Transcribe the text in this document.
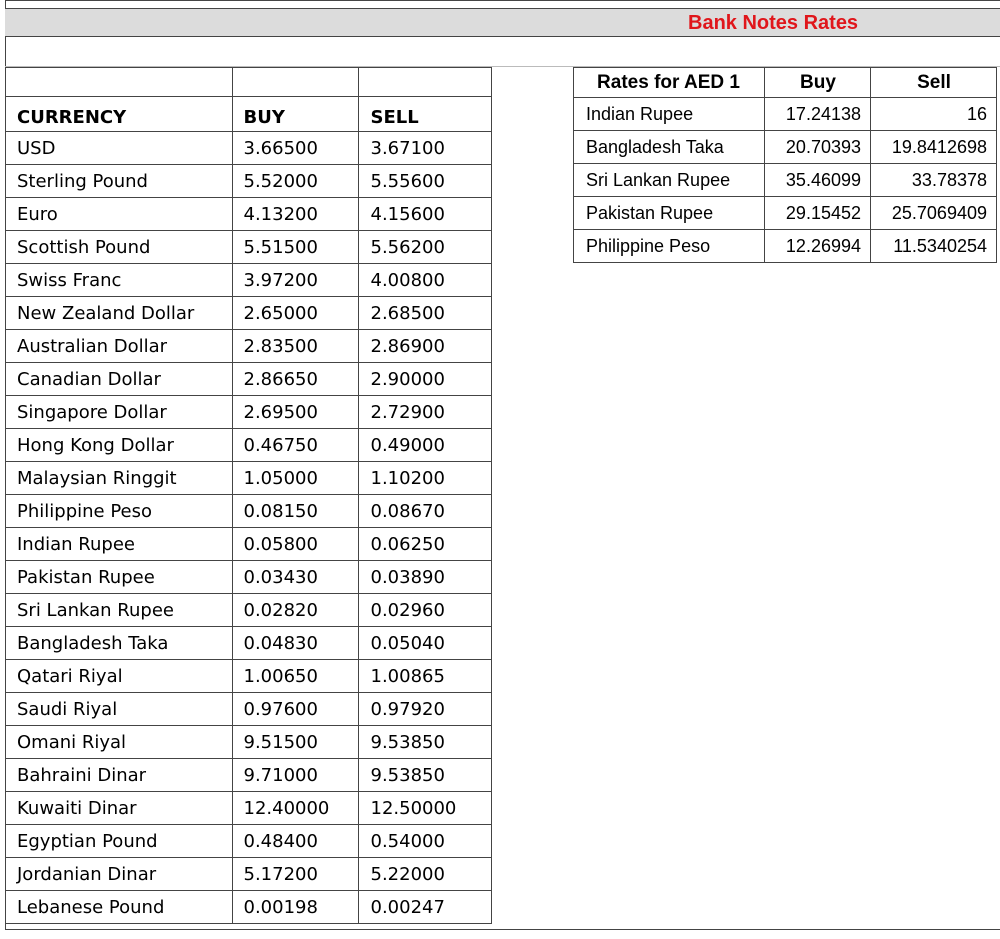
Bank Notes Rates

CURRENCY	BUY	SELL
USD	3.66500	3.67100
Sterling Pound	5.52000	5.55600
Euro	4.13200	4.15600
Scottish Pound	5.51500	5.56200
Swiss Franc	3.97200	4.00800
New Zealand Dollar	2.65000	2.68500
Australian Dollar	2.83500	2.86900
Canadian Dollar	2.86650	2.90000
Singapore Dollar	2.69500	2.72900
Hong Kong Dollar	0.46750	0.49000
Malaysian Ringgit	1.05000	1.10200
Philippine Peso	0.08150	0.08670
Indian Rupee	0.05800	0.06250
Pakistan Rupee	0.03430	0.03890
Sri Lankan Rupee	0.02820	0.02960
Bangladesh Taka	0.04830	0.05040
Qatari Riyal	1.00650	1.00865
Saudi Riyal	0.97600	0.97920
Omani Riyal	9.51500	9.53850
Bahraini Dinar	9.71000	9.53850
Kuwaiti Dinar	12.40000	12.50000
Egyptian Pound	0.48400	0.54000
Jordanian Dinar	5.17200	5.22000
Lebanese Pound	0.00198	0.00247
Rates for AED 1	Buy	Sell
Indian Rupee	17.24138	16
Bangladesh Taka	20.70393	19.8412698
Sri Lankan Rupee	35.46099	33.78378
Pakistan Rupee	29.15452	25.7069409
Philippine Peso	12.26994	11.5340254
